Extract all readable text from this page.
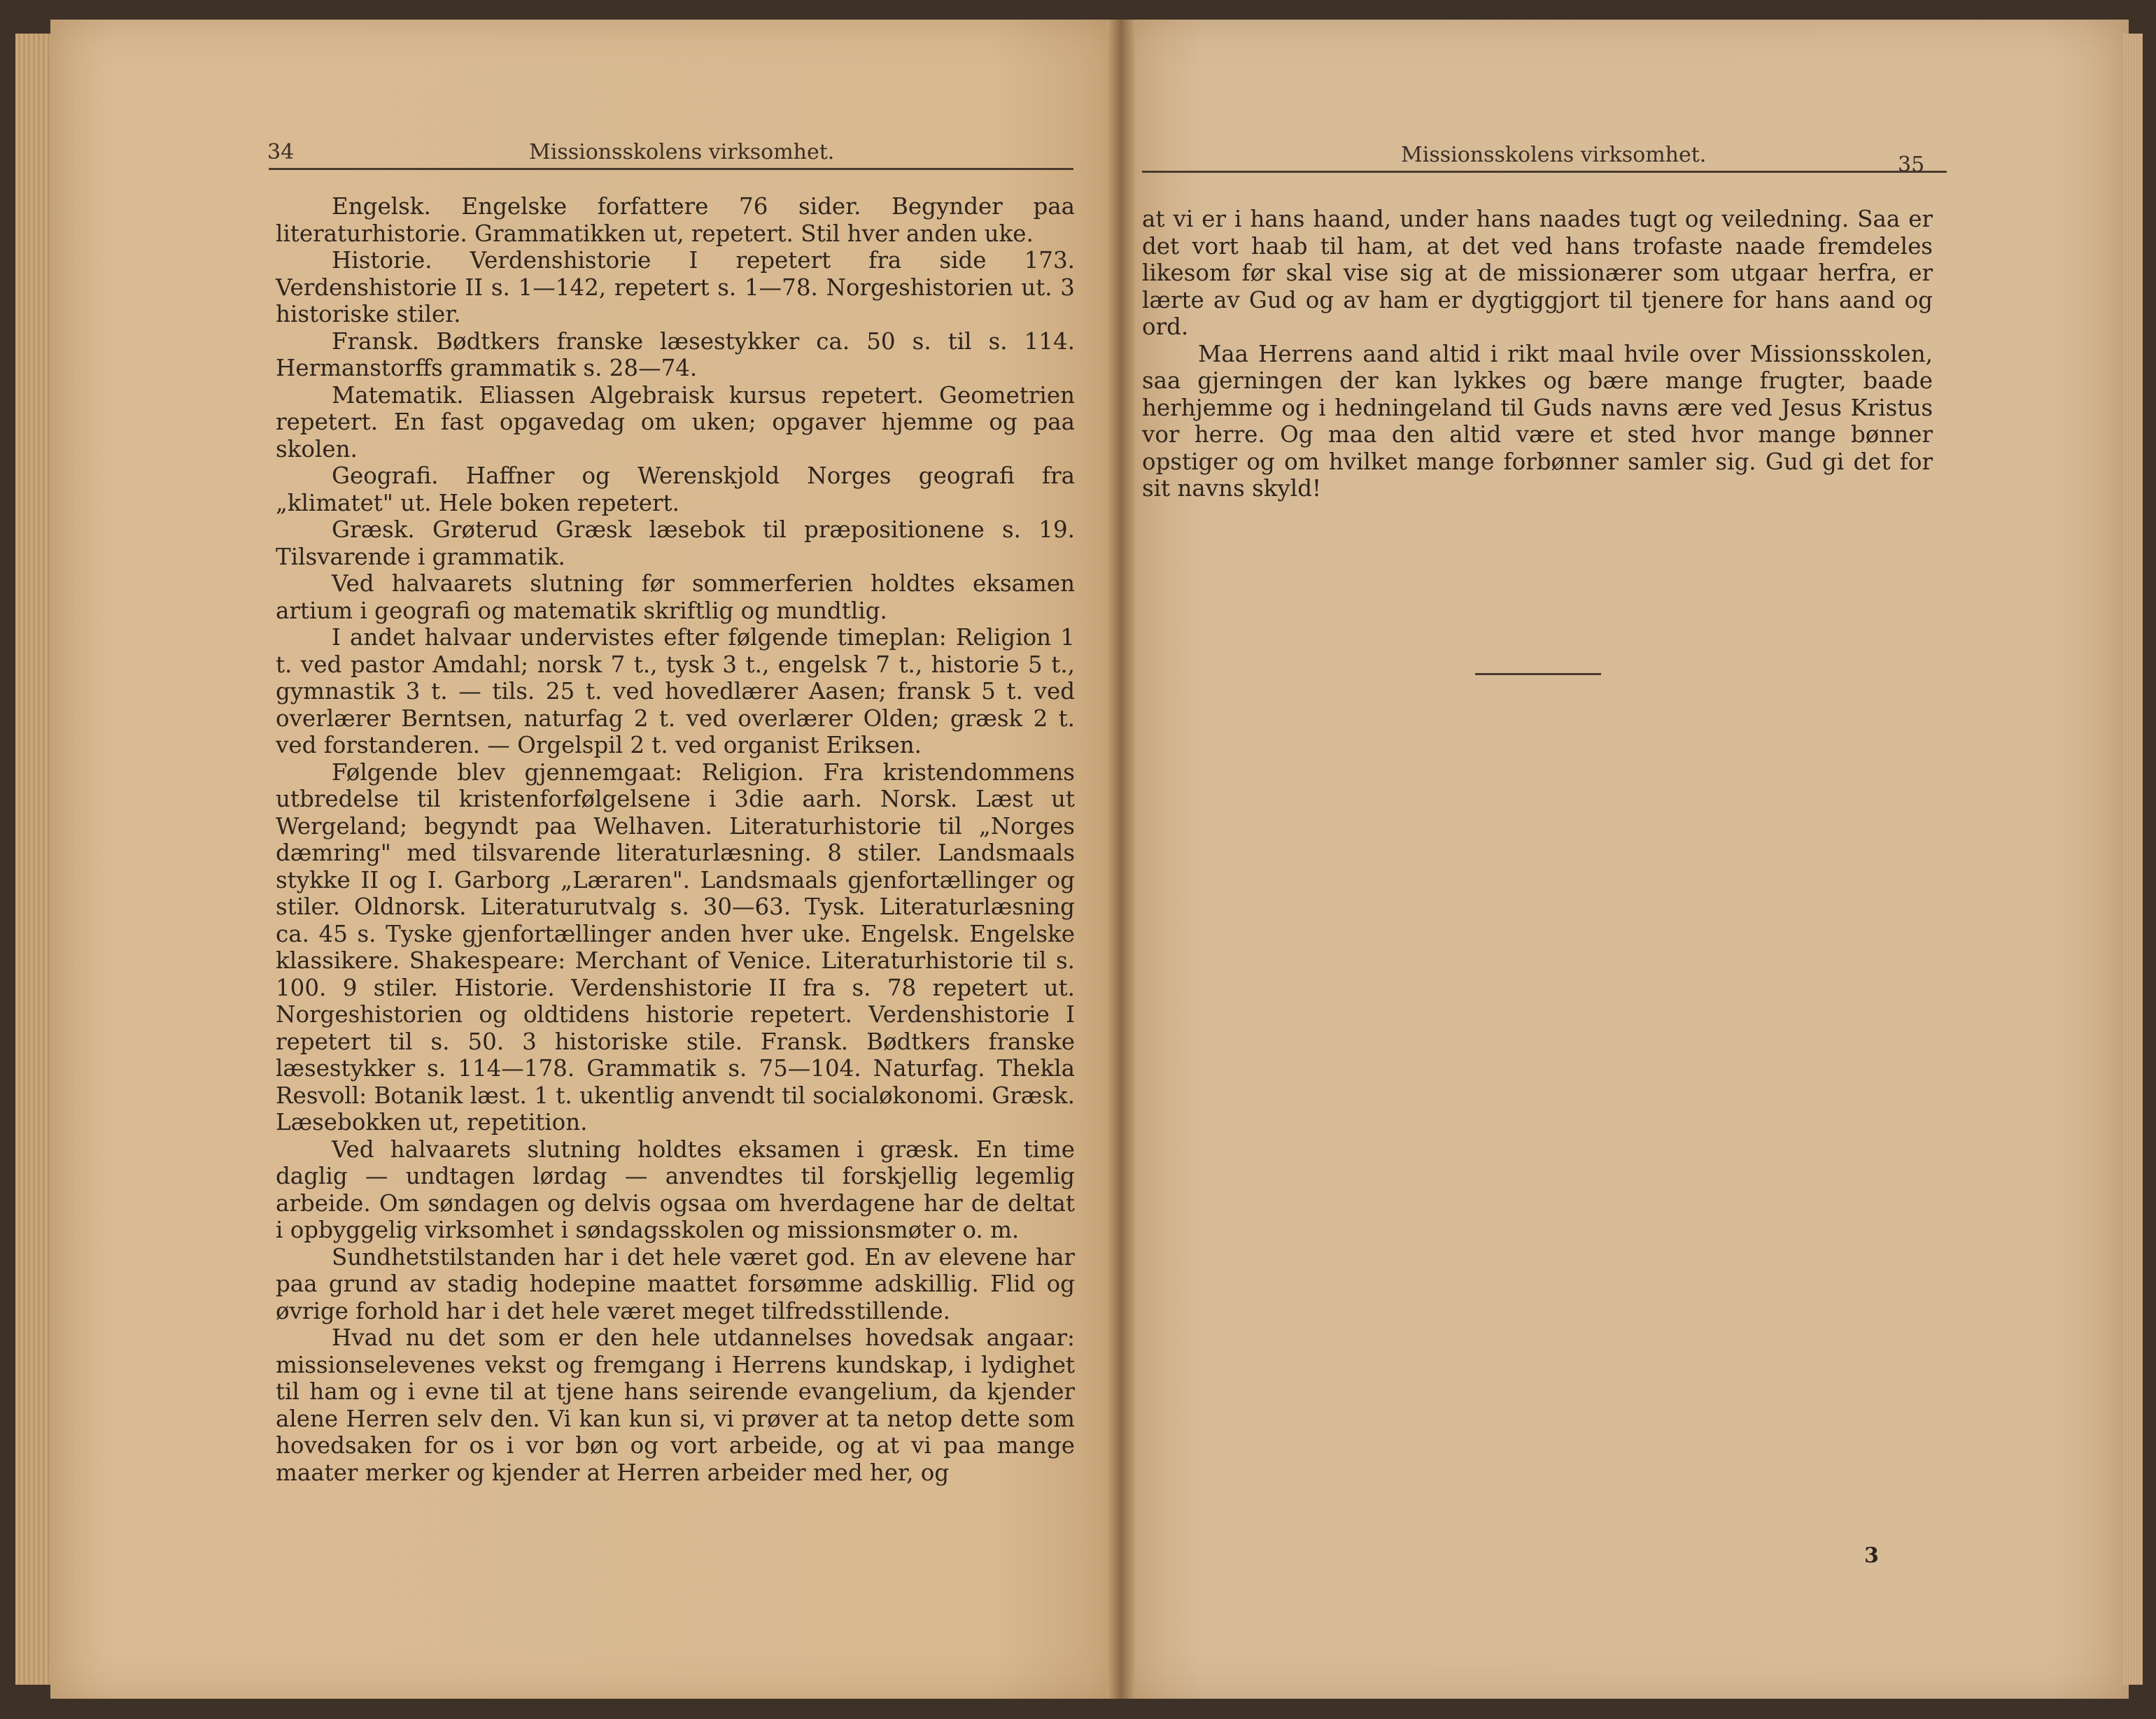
34	Missionsskolens virksomhet.

Engelsk. Engelske forfattere 76 sider. Begynder paa literaturhistorie. Grammatikken ut, repetert. Stil hver anden uke.

Historie. Verdenshistorie I repetert fra side 173. Verdenshistorie II s. 1—142, repetert s. 1—78. Norgeshistorien ut. 3 historiske stiler.

Fransk. Bødtkers franske læsestykker ca. 50 s. til s. 114. Hermanstorffs grammatik s. 28—74.

Matematik. Eliassen Algebraisk kursus repetert. Geometrien repetert. En fast opgavedag om uken; opgaver hjemme og paa skolen.

Geografi. Haffner og Werenskjold Norges geografi fra „klimatet" ut. Hele boken repetert.

Græsk. Grøterud Græsk læsebok til præpositionene s. 19. Tilsvarende i grammatik.

Ved halvaarets slutning før sommerferien holdtes eksamen artium i geografi og matematik skriftlig og mundtlig.

I andet halvaar undervistes efter følgende timeplan: Religion 1 t. ved pastor Amdahl; norsk 7 t., tysk 3 t., engelsk 7 t., historie 5 t., gymnastik 3 t. — tils. 25 t. ved hovedlærer Aasen; fransk 5 t. ved overlærer Berntsen, naturfag 2 t. ved overlærer Olden; græsk 2 t. ved forstanderen. — Orgelspil 2 t. ved organist Eriksen.

Følgende blev gjennemgaat: Religion. Fra kristendommens utbredelse til kristenforfølgelsene i 3die aarh. Norsk. Læst ut Wergeland; begyndt paa Welhaven. Literaturhistorie til „Norges dæmring" med tilsvarende literaturlæsning. 8 stiler. Landsmaals stykke II og I. Garborg „Læraren". Landsmaals gjenfortællinger og stiler. Oldnorsk. Literaturutvalg s. 30—63. Tysk. Literaturlæsning ca. 45 s. Tyske gjenfortællinger anden hver uke. Engelsk. Engelske klassikere. Shakespeare: Merchant of Venice. Literaturhistorie til s. 100. 9 stiler. Historie. Verdenshistorie II fra s. 78 repetert ut. Norgeshistorien og oldtidens historie repetert. Verdenshistorie I repetert til s. 50. 3 historiske stile. Fransk. Bødtkers franske læsestykker s. 114—178. Grammatik s. 75—104. Naturfag. Thekla Resvoll: Botanik læst. 1 t. ukentlig anvendt til socialøkonomi. Græsk. Læsebokken ut, repetition.

Ved halvaarets slutning holdtes eksamen i græsk. En time daglig — undtagen lørdag — anvendtes til forskjellig legemlig arbeide. Om søndagen og delvis ogsaa om hverdagene har de deltat i opbyggelig virksomhet i søndagsskolen og missionsmøter o. m.

Sundhetstilstanden har i det hele været god. En av elevene har paa grund av stadig hodepine maattet forsømme adskillig. Flid og øvrige forhold har i det hele været meget tilfredsstillende.

Hvad nu det som er den hele utdannelses hovedsak angaar: missionselevenes vekst og fremgang i Herrens kundskap, i lydighet til ham og i evne til at tjene hans seirende evangelium, da kjender alene Herren selv den. Vi kan kun si, vi prøver at ta netop dette som hovedsaken for os i vor bøn og vort arbeide, og at vi paa mange maater merker og kjender at Herren arbeider med her, og

Missionsskolens virksomhet.	35

at vi er i hans haand, under hans naades tugt og veiledning. Saa er det vort haab til ham, at det ved hans trofaste naade fremdeles likesom før skal vise sig at de missionærer som utgaar herfra, er lærte av Gud og av ham er dygtiggjort til tjenere for hans aand og ord.

Maa Herrens aand altid i rikt maal hvile over Missionsskolen, saa gjerningen der kan lykkes og bære mange frugter, baade herhjemme og i hedningeland til Guds navns ære ved Jesus Kristus vor herre. Og maa den altid være et sted hvor mange bønner opstiger og om hvilket mange forbønner samler sig. Gud gi det for sit navns skyld!

3
